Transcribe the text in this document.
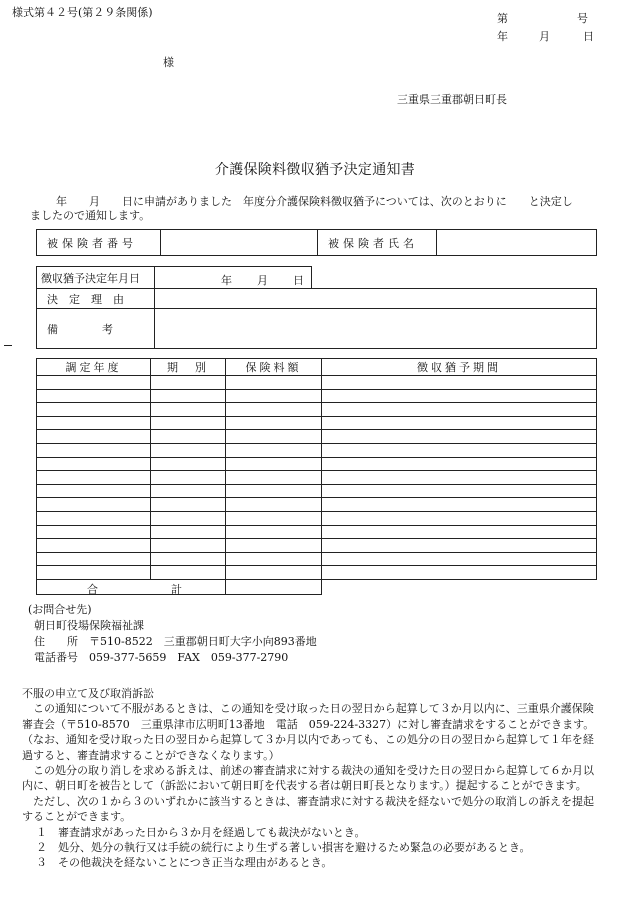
様式第４２号(第２９条関係)	第	号
年	月	日
様
三重県三重郡朝日町長
介護保険料徴収猶予決定通知書
年　　月　　日に申請がありました　年度分介護保険料徴収猶予については、次のとおりに　　と決定し
ましたので通知します。
被保険者番号		被保険者氏名	
徴収猶予決定年月日	年 月 日	

決　定　理　由		
備　　　　考		
調定年度	期　別	保険料額	徴収猶予期間

合 計			

(お問合せ先)
朝日町役場保険福祉課
住　　所　 〒510-8522　三重郡朝日町大字小向893番地
電話番号　 059-377-5659　 FAX　 059-377-2790

不服の申立て及び取消訴訟

この通知について不服があるときは、この通知を受け取った日の翌日から起算して３か月以内に、三重県介護保険審査会（〒510-8570　三重県津市広明町13番地　電話　059-224-3327）に対し審査請求をすることができます。（なお、通知を受け取った日の翌日から起算して３か月以内であっても、この処分の日の翌日から起算して１年を経過すると、審査請求することができなくなります。）

この処分の取り消しを求める訴えは、前述の審査請求に対する裁決の通知を受けた日の翌日から起算して６か月以内に、朝日町を被告として（訴訟において朝日町を代表する者は朝日町長となります。）提起することができます。

ただし、次の１から３のいずれかに該当するときは、審査請求に対する裁決を経ないで処分の取消しの訴えを提起することができます。

１　審査請求があった日から３か月を経過しても裁決がないとき。

２　処分、処分の執行又は手続の続行により生ずる著しい損害を避けるため緊急の必要があるとき。

３　その他裁決を経ないことにつき正当な理由があるとき。
